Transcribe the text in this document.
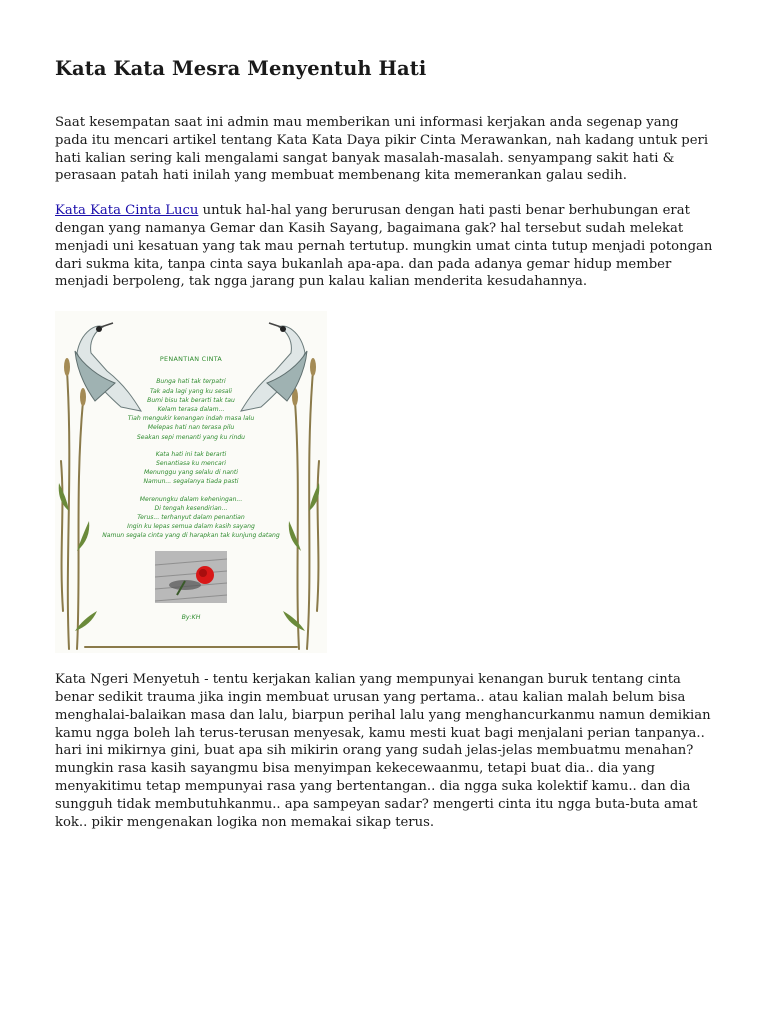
Kata Kata Mesra Menyentuh Hati

Saat kesempatan saat ini admin mau memberikan uni informasi kerjakan anda segenap yang pada itu mencari artikel tentang Kata Kata Daya pikir Cinta Merawankan, nah kadang untuk peri hati kalian sering kali mengalami sangat banyak masalah-masalah. senyampang sakit hati & perasaan patah hati inilah yang membuat membenang kita memerankan galau sedih.

Kata Kata Cinta Lucu untuk hal-hal yang berurusan dengan hati pasti benar berhubungan erat dengan yang namanya Gemar dan Kasih Sayang, bagaimana gak? hal tersebut sudah melekat menjadi uni kesatuan yang tak mau pernah tertutup. mungkin umat cinta tutup menjadi potongan dari sukma kita, tanpa cinta saya bukanlah apa-apa. dan pada adanya gemar hidup member menjadi berpoleng, tak ngga jarang pun kalau kalian menderita kesudahannya.

PENANTIAN CINTA
Bunga hati tak terpatri
Tak ada lagi yang ku sesali
Bumi bisu tak berarti tak tau
Kelam terasa dalam...
Tiah mengukir kenangan indah masa lalu
Melepas hati nan terasa pilu
Seakan sepi menanti yang ku rindu
Kata hati ini tak berarti
Senantiasa ku mencari
Menunggu yang selalu di nanti
Namun... segalanya tiada pasti
Merenungku dalam keheningan...
Di tengah kesendirian...
Terus... terhanyut dalam penantian
Ingin ku lepas semua dalam kasih sayang
Namun segala cinta yang di harapkan tak kunjung datang
By:KH

Kata Ngeri Menyetuh - tentu kerjakan kalian yang mempunyai kenangan buruk tentang cinta benar sedikit trauma jika ingin membuat urusan yang pertama.. atau kalian malah belum bisa menghalai-balaikan masa dan lalu, biarpun perihal lalu yang menghancurkanmu namun demikian kamu ngga boleh lah terus-terusan menyesak, kamu mesti kuat bagi menjalani perian tanpanya.. hari ini mikirnya gini, buat apa sih mikirin orang yang sudah jelas-jelas membuatmu menahan? mungkin rasa kasih sayangmu bisa menyimpan kekecewaanmu, tetapi buat dia.. dia yang menyakitimu tetap mempunyai rasa yang bertentangan.. dia ngga suka kolektif kamu.. dan dia sungguh tidak membutuhkanmu.. apa sampeyan sadar? mengerti cinta itu ngga buta-buta amat kok.. pikir mengenakan logika non memakai sikap terus.
